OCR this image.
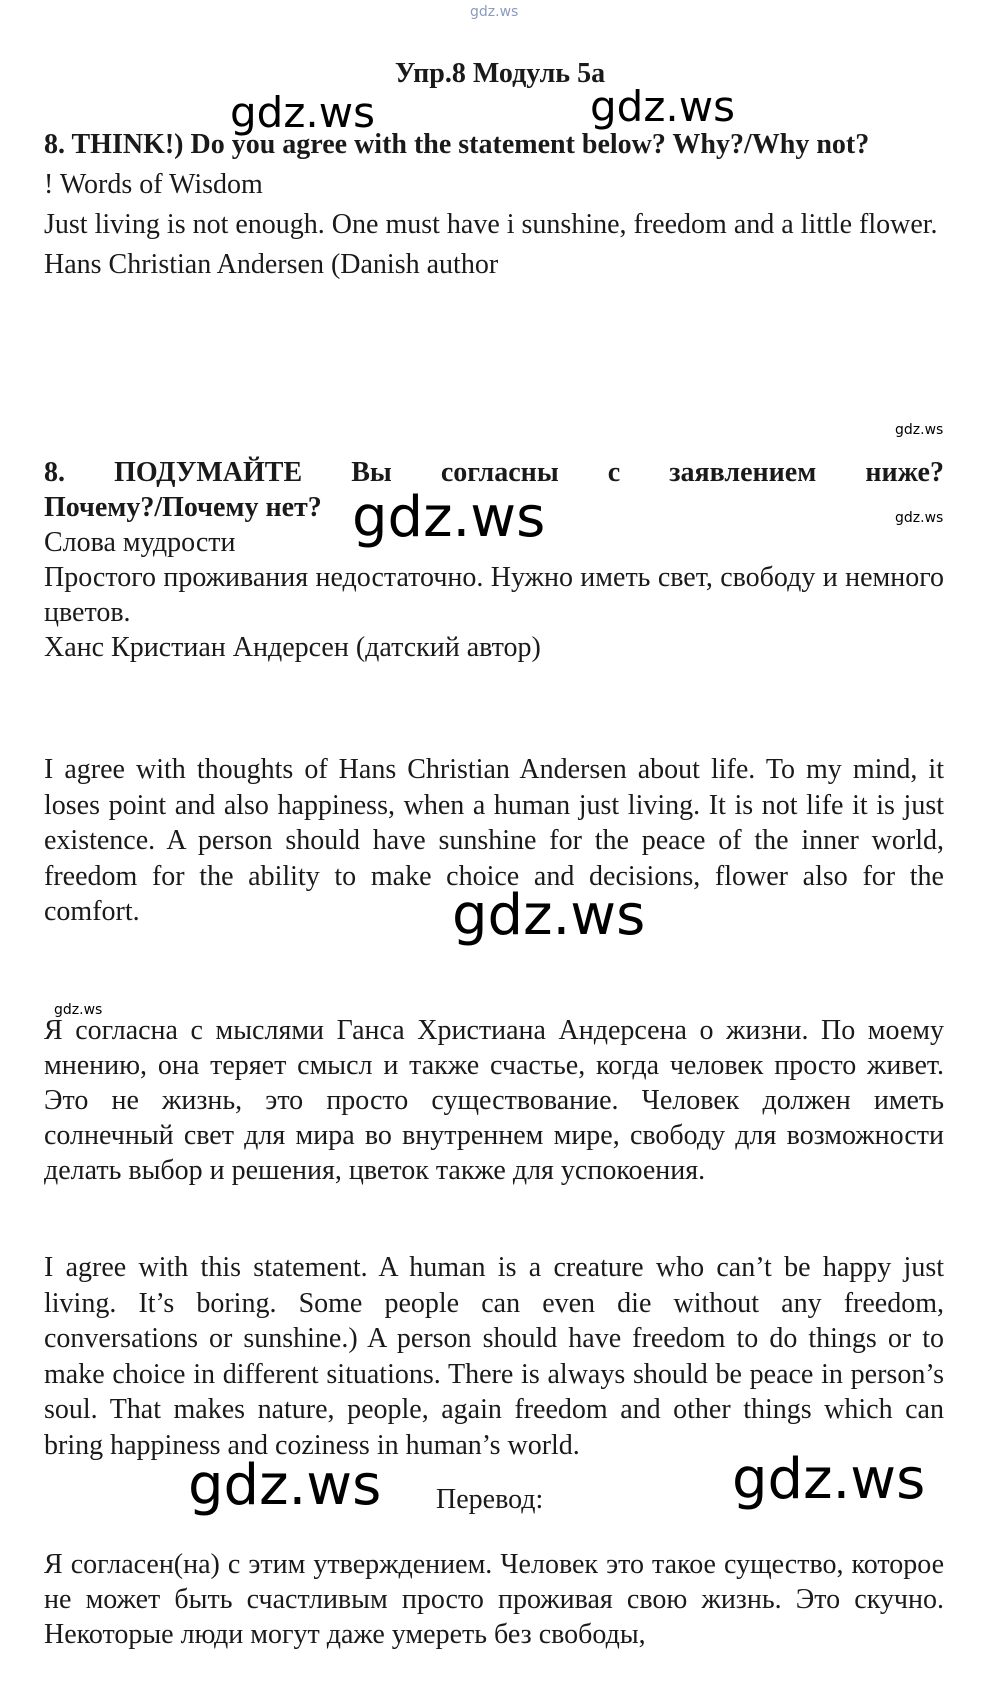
gdz.ws
Упр.8 Модуль 5a
gdz.ws	gdz.ws

8. THINK!) Do you agree with the statement below? Why?/Why not?

! Words of Wisdom

Just living is not enough. One must have i sunshine, freedom and a little flower.

Hans Christian Andersen (Danish author

gdz.ws

8. ПОДУМАЙТЕ Вы согласны с заявлением ниже?

Почему?/Почему нет?

Слова мудрости

Простого проживания недостаточно. Нужно иметь свет, свободу и немного цветов.

Ханс Кристиан Андерсен (датский автор)

gdz.ws	gdz.ws
I agree with thoughts of Hans Christian Andersen about life. To my mind, it loses point and also happiness, when a human just living. It is not life it is just existence. A person should have sunshine for the peace of the inner world, freedom for the ability to make choice and decisions, flower also for the comfort.	gdz.ws
gdz.ws
Я согласна с мыслями Ганса Христиана Андерсена о жизни. По моему мнению, она теряет смысл и также счастье, когда человек просто живет. Это не жизнь, это просто существование. Человек должен иметь солнечный свет для мира во внутреннем мире, свободу для возможности делать выбор и решения, цветок также для успокоения.
I agree with this statement. A human is a creature who can’t be happy just living. It’s boring. Some people can even die without any freedom, conversations or sunshine.) A person should have freedom to do things or to make choice in different situations. There is always should be peace in person’s soul. That makes nature, people, again freedom and other things which can bring happiness and coziness in human’s world.
gdz.ws Перевод:	gdz.ws
Я согласен(на) с этим утверждением. Человек это такое существо, которое не может быть счастливым просто проживая свою жизнь. Это скучно. Некоторые люди могут даже умереть без свободы,
